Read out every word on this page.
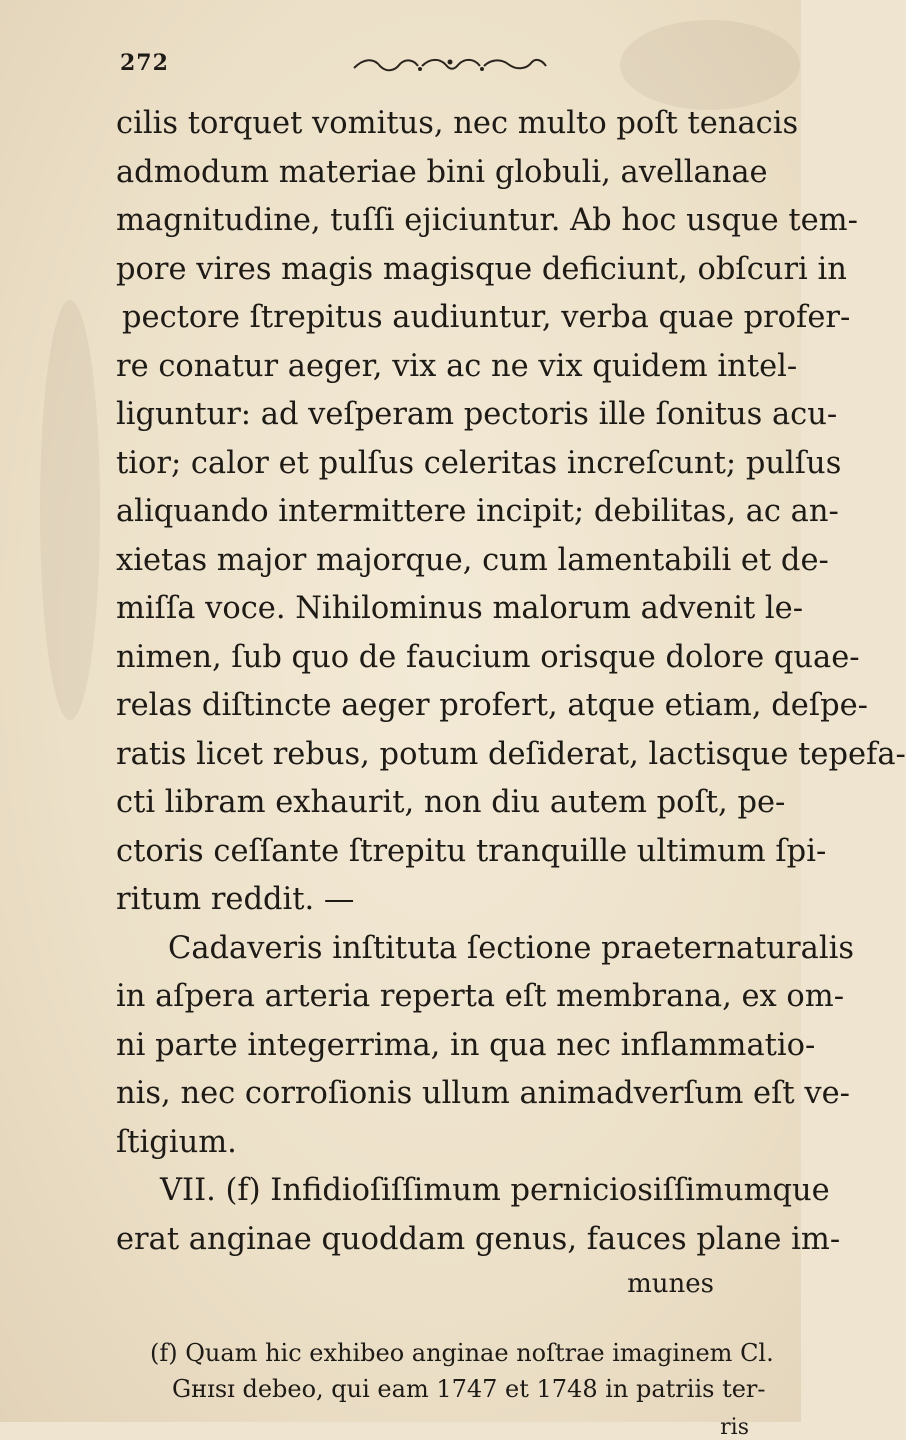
272
cilis torquet vomitus, nec multo poſt tenacis
admodum materiae bini globuli, avellanae
magnitudine, tuſſi ejiciuntur. Ab hoc usque tem-
pore vires magis magisque deficiunt, obſcuri in
pectore ſtrepitus audiuntur, verba quae profer-
re conatur aeger, vix ac ne vix quidem intel-
liguntur: ad veſperam pectoris ille ſonitus acu-
tior; calor et pulſus celeritas increſcunt; pulſus
aliquando intermittere incipit; debilitas, ac an-
xietas major majorque, cum lamentabili et de-
miſſa voce. Nihilominus malorum advenit le-
nimen, ſub quo de faucium orisque dolore quae-
relas diſtincte aeger profert, atque etiam, deſpe-
ratis licet rebus, potum deſiderat, lactisque tepefa-
cti libram exhaurit, non diu autem poſt, pe-
ctoris ceſſante ſtrepitu tranquille ultimum ſpi-
ritum reddit. —
Cadaveris inſtituta ſectione praeternaturalis
in aſpera arteria reperta eſt membrana, ex om-
ni parte integerrima, in qua nec inflammatio-
nis, nec corroſionis ullum animadverſum eſt ve-
ſtigium.
VII. (f) Infidioſiſſimum perniciosiſſimumque
erat anginae quoddam genus, fauces plane im-
munes
(f) Quam hic exhibeo anginae noſtrae imaginem Cl.
Gʜɪsɪ debeo, qui eam 1747 et 1748 in patriis ter-
ris
